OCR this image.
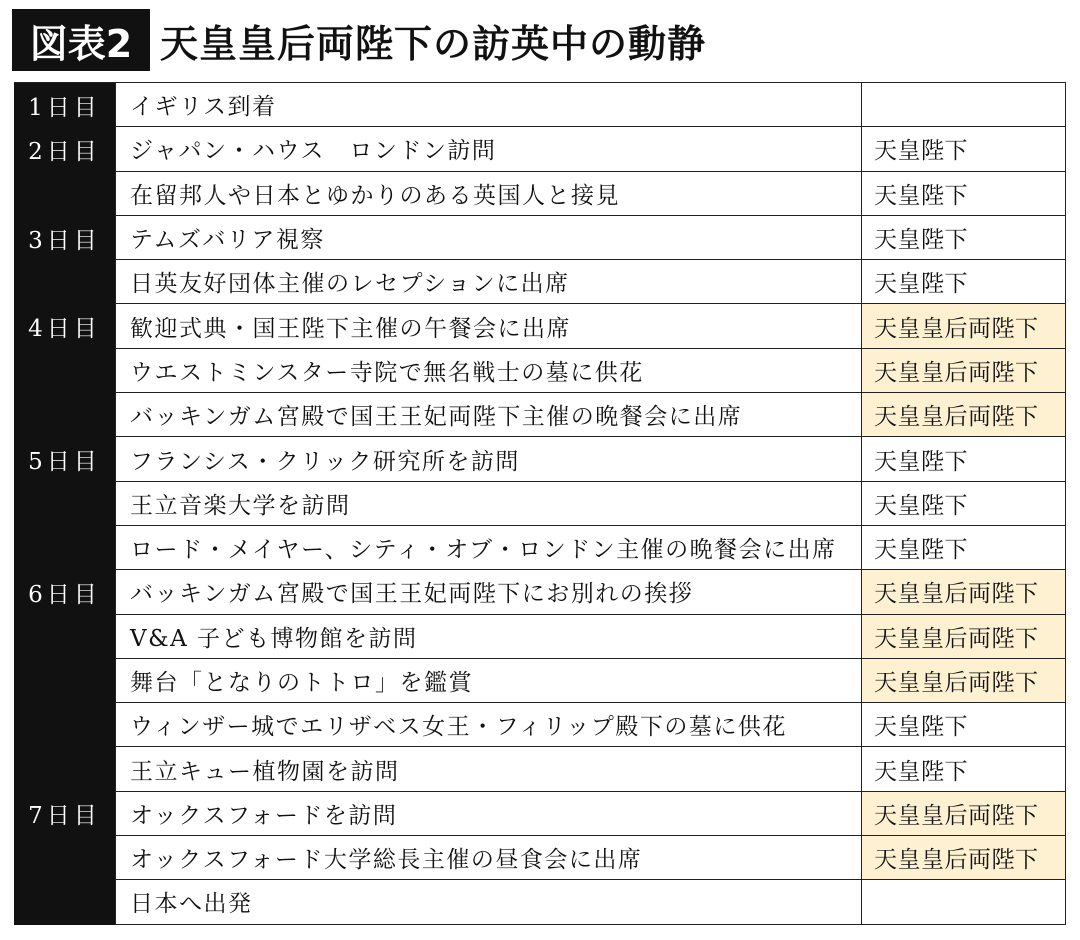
図表2 天皇皇后両陛下の訪英中の動静
1日目	イギリス到着
2日目	ジャパン・ハウス　ロンドン訪問	天皇陛下
在留邦人や日本とゆかりのある英国人と接見	天皇陛下
3日目	テムズバリア視察	天皇陛下
日英友好団体主催のレセプションに出席	天皇陛下
4日目	歓迎式典・国王陛下主催の午餐会に出席	天皇皇后両陛下
ウエストミンスター寺院で無名戦士の墓に供花	天皇皇后両陛下
バッキンガム宮殿で国王王妃両陛下主催の晩餐会に出席	天皇皇后両陛下
5日目	フランシス・クリック研究所を訪問	天皇陛下
王立音楽大学を訪問	天皇陛下
ロード・メイヤー、シティ・オブ・ロンドン主催の晩餐会に出席	天皇陛下
6日目	バッキンガム宮殿で国王王妃両陛下にお別れの挨拶	天皇皇后両陛下
V&A 子ども博物館を訪問	天皇皇后両陛下
舞台「となりのトトロ」を鑑賞	天皇皇后両陛下
ウィンザー城でエリザベス女王・フィリップ殿下の墓に供花	天皇陛下
王立キュー植物園を訪問	天皇陛下
7日目	オックスフォードを訪問	天皇皇后両陛下
オックスフォード大学総長主催の昼食会に出席	天皇皇后両陛下
日本へ出発
